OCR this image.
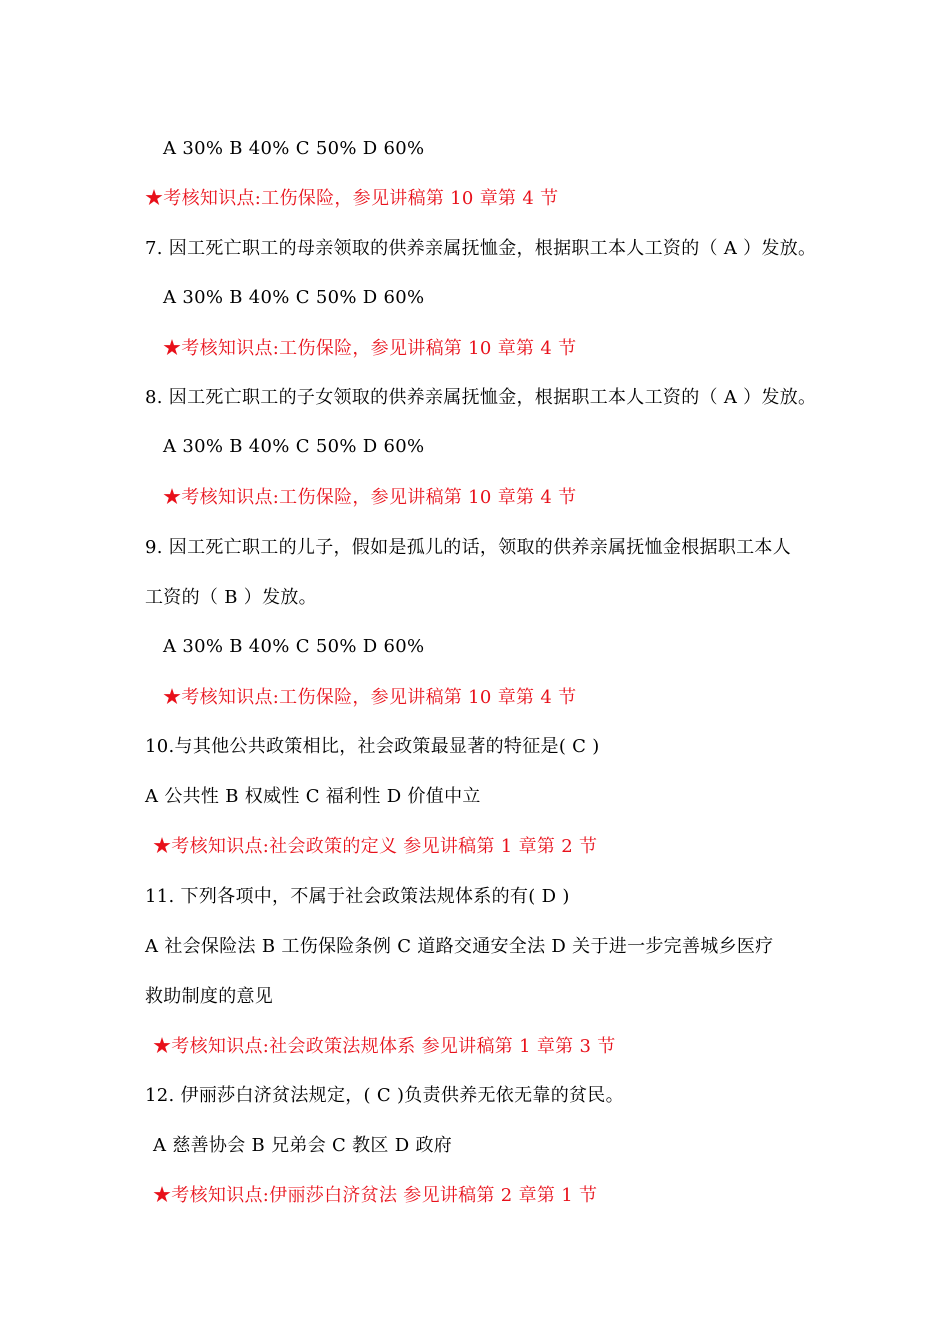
A 30% B 40% C 50% D 60%
★考核知识点:工伤保险，参见讲稿第 10 章第 4 节
7. 因工死亡职工的母亲领取的供养亲属抚恤金，根据职工本人工资的（ A ）发放。
A 30% B 40% C 50% D 60%
★考核知识点:工伤保险，参见讲稿第 10 章第 4 节
8. 因工死亡职工的子女领取的供养亲属抚恤金，根据职工本人工资的（ A ）发放。
A 30% B 40% C 50% D 60%
★考核知识点:工伤保险，参见讲稿第 10 章第 4 节
9. 因工死亡职工的儿子，假如是孤儿的话，领取的供养亲属抚恤金根据职工本人
工资的（ B ）发放。
A 30% B 40% C 50% D 60%
★考核知识点:工伤保险，参见讲稿第 10 章第 4 节
10.与其他公共政策相比，社会政策最显著的特征是( C )
A 公共性 B 权威性 C 福利性 D 价值中立
★考核知识点:社会政策的定义 参见讲稿第 1 章第 2 节
11. 下列各项中，不属于社会政策法规体系的有( D )
A 社会保险法 B 工伤保险条例 C 道路交通安全法 D 关于进一步完善城乡医疗
救助制度的意见
★考核知识点:社会政策法规体系 参见讲稿第 1 章第 3 节
12. 伊丽莎白济贫法规定，( C )负责供养无依无靠的贫民。
A 慈善协会 B 兄弟会 C 教区 D 政府
★考核知识点:伊丽莎白济贫法 参见讲稿第 2 章第 1 节
